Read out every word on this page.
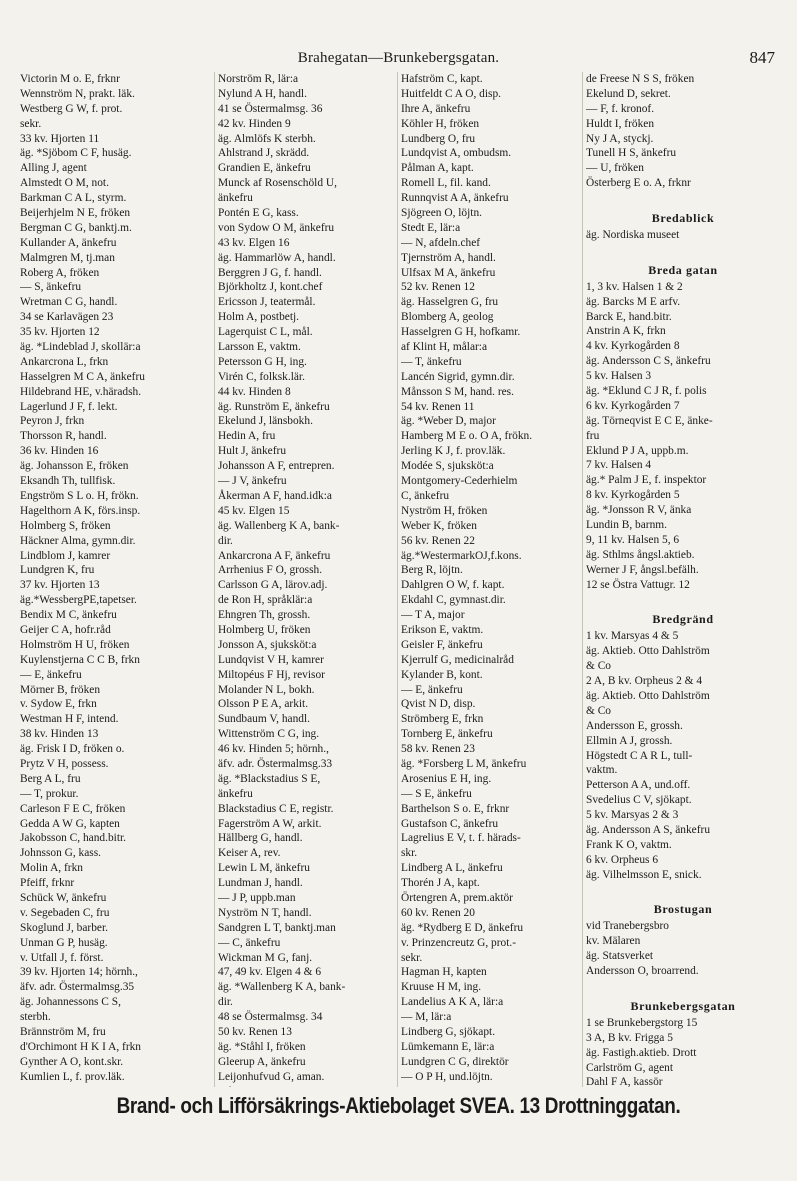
Brahegatan—Brunkebergsgatan.	847
Victorin M o. E, frknr
Wennström N, prakt. läk.
Westberg G W, f. prot.
sekr.
33 kv. Hjorten 11
äg. *Sjöbom C F, husäg.
Alling J, agent
Almstedt O M, not.
Barkman C A L, styrm.
Beijerhjelm N E, fröken
Bergman C G, banktj.m.
Kullander A, änkefru
Malmgren M, tj.man
Roberg A, fröken
— S, änkefru
Wretman C G, handl.
34 se Karlavägen 23
35 kv. Hjorten 12
äg. *Lindeblad J, skollär:a
Ankarcrona L, frkn
Hasselgren M C A, änkefru
Hildebrand HE, v.häradsh.
Lagerlund J F, f. lekt.
Peyron J, frkn
Thorsson R, handl.
36 kv. Hinden 16
äg. Johansson E, fröken
Eksandh Th, tullfisk.
Engström S L o. H, frökn.
Hagelthorn A K, förs.insp.
Holmberg S, fröken
Häckner Alma, gymn.dir.
Lindblom J, kamrer
Lundgren K, fru
37 kv. Hjorten 13
äg.*WessbergPE,tapetser.
Bendix M C, änkefru
Geijer C A, hofr.råd
Holmström H U, fröken
Kuylenstjerna C C B, frkn
— E, änkefru
Mörner B, fröken
v. Sydow E, frkn
Westman H F, intend.
38 kv. Hinden 13
äg. Frisk I D, fröken o.
Prytz V H, possess.
Berg A L, fru
— T, prokur.
Carleson F E C, fröken
Gedda A W G, kapten
Jakobsson C, hand.bitr.
Johnsson G, kass.
Molin A, frkn
Pfeiff, frknr
Schück W, änkefru
v. Segebaden C, fru
Skoglund J, barber.
Unman G P, husäg.
v. Utfall J, f. först.
39 kv. Hjorten 14; hörnh.,
äfv. adr. Östermalmsg.35
äg. Johannessons C S,
sterbh.
Brännström M, fru
d'Orchimont H K I A, frkn
Gynther A O, kont.skr.
Kumlien L, f. prov.läk.
Norström R, lär:a
Nylund A H, handl.
41 se Östermalmsg. 36
42 kv. Hinden 9
äg. Almlöfs K sterbh.
Ahlstrand J, skrädd.
Grandien E, änkefru
Munck af Rosenschöld U,
änkefru
Pontén E G, kass.
von Sydow O M, änkefru
43 kv. Elgen 16
äg. Hammarlöw A, handl.
Berggren J G, f. handl.
Björkholtz J, kont.chef
Ericsson J, teatermål.
Holm A, postbetj.
Lagerquist C L, mål.
Larsson E, vaktm.
Petersson G H, ing.
Virén C, folksk.lär.
44 kv. Hinden 8
äg. Runström E, änkefru
Ekelund J, länsbokh.
Hedin A, fru
Hult J, änkefru
Johansson A F, entrepren.
— J V, änkefru
Åkerman A F, hand.idk:a
45 kv. Elgen 15
äg. Wallenberg K A, bank-
dir.
Ankarcrona A F, änkefru
Arrhenius F O, grossh.
Carlsson G A, lärov.adj.
de Ron H, språklär:a
Ehngren Th, grossh.
Holmberg U, fröken
Jonsson A, sjuksköt:a
Lundqvist V H, kamrer
Miltopéus F Hj, revisor
Molander N L, bokh.
Olsson P E A, arkit.
Sundbaum V, handl.
Wittenström C G, ing.
46 kv. Hinden 5; hörnh.,
äfv. adr. Östermalmsg.33
äg. *Blackstadius S E,
änkefru
Blackstadius C E, registr.
Fagerström A W, arkit.
Hällberg G, handl.
Keiser A, rev.
Lewin L M, änkefru
Lundman J, handl.
— J P, uppb.man
Nyström N T, handl.
Sandgren L T, banktj.man
— C, änkefru
Wickman M G, fanj.
47, 49 kv. Elgen 4 & 6
äg. *Wallenberg K A, bank-
dir.
48 se Östermalmsg. 34
50 kv. Renen 13
äg. *Ståhl I, fröken
Gleerup A, änkefru
Leijonhufvud G, aman.
Hafström C, kapt.
Huitfeldt C A O, disp.
Ihre A, änkefru
Köhler H, fröken
Lundberg O, fru
Lundqvist A, ombudsm.
Pålman A, kapt.
Romell L, fil. kand.
Runnqvist A A, änkefru
Sjögreen O, löjtn.
Stedt E, lär:a
— N, afdeln.chef
Tjernström A, handl.
Ulfsax M A, änkefru
52 kv. Renen 12
äg. Hasselgren G, fru
Blomberg A, geolog
Hasselgren G H, hofkamr.
af Klint H, målar:a
— T, änkefru
Lancén Sigrid, gymn.dir.
Månsson S M, hand. res.
54 kv. Renen 11
äg. *Weber D, major
Hamberg M E o. O A, frökn.
Jerling K J, f. prov.läk.
Modée S, sjuksköt:a
Montgomery-Cederhielm
C, änkefru
Nyström H, fröken
Weber K, fröken
56 kv. Renen 22
äg.*WestermarkOJ,f.kons.
Berg R, löjtn.
Dahlgren O W, f. kapt.
Ekdahl C, gymnast.dir.
— T A, major
Erikson E, vaktm.
Geisler F, änkefru
Kjerrulf G, medicinalråd
Kylander B, kont.
— E, änkefru
Qvist N D, disp.
Strömberg E, frkn
Tornberg E, änkefru
58 kv. Renen 23
äg. *Forsberg L M, änkefru
Arosenius E H, ing.
— S E, änkefru
Barthelson S o. E, frknr
Gustafson C, änkefru
Lagrelius E V, t. f. härads-
skr.
Lindberg A L, änkefru
Thorén J A, kapt.
Örtengren A, prem.aktör
60 kv. Renen 20
äg. *Rydberg E D, änkefru
v. Prinzencreutz G, prot.-
sekr.
Hagman H, kapten
Kruuse H M, ing.
Landelius A K A, lär:a
— M, lär:a
Lindberg G, sjökapt.
Lümkemann E, lär:a
Lundgren C G, direktör
— O P H, und.löjtn.
de Freese N S S, fröken
Ekelund D, sekret.
— F, f. kronof.
Huldt I, fröken
Ny J A, styckj.
Tunell H S, änkefru
— U, fröken
Österberg E o. A, frknr
Bredablick
äg. Nordiska museet
Breda gatan
1, 3 kv. Halsen 1 & 2
äg. Barcks M E arfv.
Barck E, hand.bitr.
Anstrin A K, frkn
4 kv. Kyrkogården 8
äg. Andersson C S, änkefru
5 kv. Halsen 3
äg. *Eklund C J R, f. polis
6 kv. Kyrkogården 7
äg. Törneqvist E C E, änke-
fru
Eklund P J A, uppb.m.
7 kv. Halsen 4
äg.* Palm J E, f. inspektor
8 kv. Kyrkogården 5
äg. *Jonsson R V, änka
Lundin B, barnm.
9, 11 kv. Halsen 5, 6
äg. Sthlms ångsl.aktieb.
Werner J F, ångsl.befälh.
12 se Östra Vattugr. 12
Bredgränd
1 kv. Marsyas 4 & 5
äg. Aktieb. Otto Dahlström
& Co
2 A, B kv. Orpheus 2 & 4
äg. Aktieb. Otto Dahlström
& Co
Andersson E, grossh.
Ellmin A J, grossh.
Högstedt C A R L, tull-
vaktm.
Petterson A A, und.off.
Svedelius C V, sjökapt.
5 kv. Marsyas 2 & 3
äg. Andersson A S, änkefru
Frank K O, vaktm.
6 kv. Orpheus 6
äg. Vilhelmsson E, snick.
Brostugan
vid Tranebergsbro
kv. Mälaren
äg. Statsverket
Andersson O, broarrend.
Brunkebergsgatan
1 se Brunkebergstorg 15
3 A, B kv. Frigga 5
äg. Fastigh.aktieb. Drott
Carlström G, agent
Dahl F A, kassör
Brand- och Lifförsäkrings-Aktiebolaget SVEA. 13 Drottninggatan.
